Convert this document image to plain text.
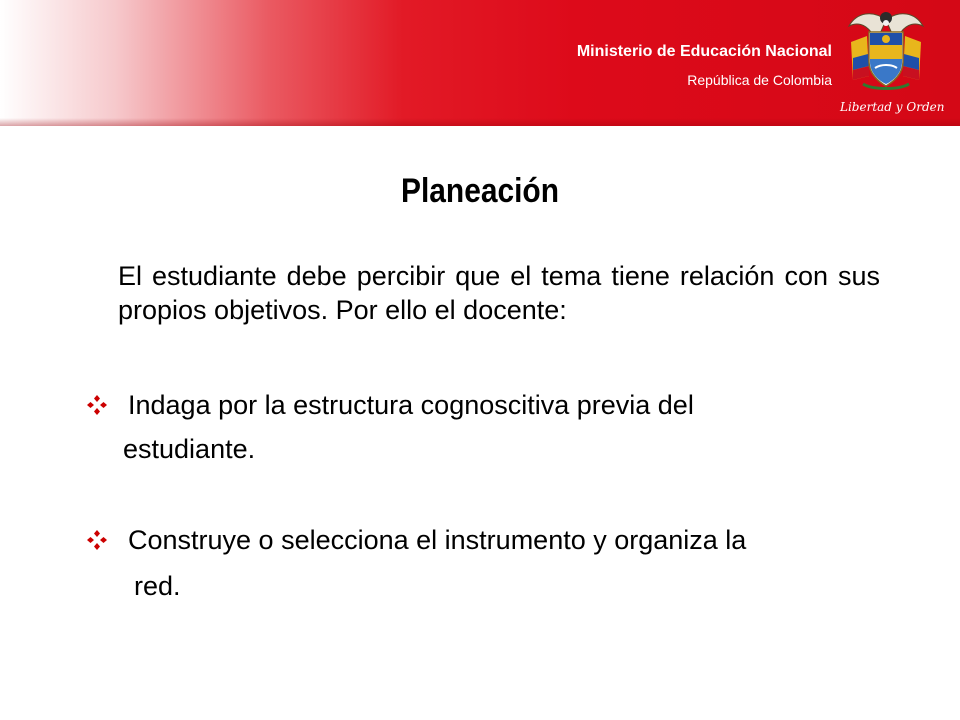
Ministerio de Educación Nacional
República de Colombia
Libertad y Orden
Planeación
El estudiante debe percibir que el tema tiene relación con sus propios objetivos. Por ello el docente:
Indaga por la estructura cognoscitiva previa del
estudiante.
Construye o selecciona el instrumento y organiza la
red.
